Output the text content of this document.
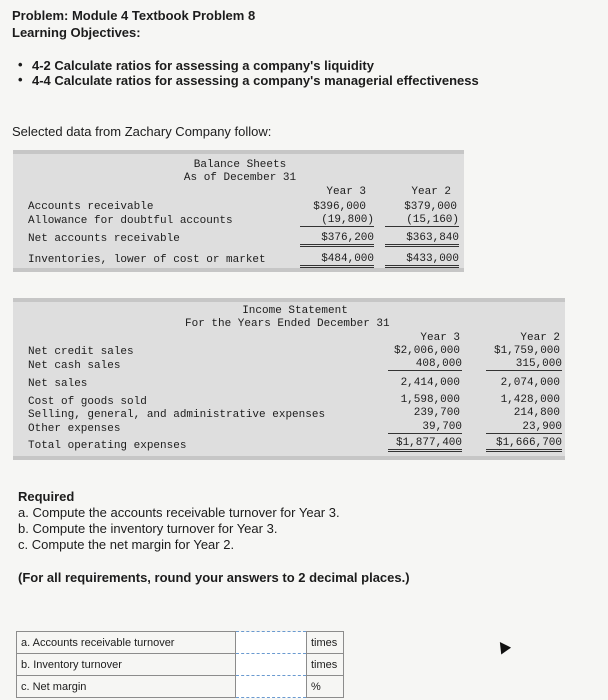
Problem: Module 4 Textbook Problem 8
Learning Objectives:
• 4-2 Calculate ratios for assessing a company's liquidity
• 4-4 Calculate ratios for assessing a company's managerial effectiveness
Selected data from Zachary Company follow:
Balance Sheets
As of December 31
Year 3	Year 2
Accounts receivable	$396,000	$379,000
Allowance for doubtful accounts	(19,800)	(15,160)
Net accounts receivable	$376,200	$363,840
Inventories, lower of cost or market	$484,000	$433,000
Income Statement
For the Years Ended December 31
Year 3	Year 2
Net credit sales	$2,006,000	$1,759,000
Net cash sales	408,000	315,000
Net sales	2,414,000	2,074,000
Cost of goods sold	1,598,000	1,428,000
Selling, general, and administrative expenses	239,700	214,800
Other expenses	39,700	23,900
Total operating expenses	$1,877,400	$1,666,700
Required
a. Compute the accounts receivable turnover for Year 3.
b. Compute the inventory turnover for Year 3.
c. Compute the net margin for Year 2.
(For all requirements, round your answers to 2 decimal places.)
a. Accounts receivable turnover		times
b. Inventory turnover		times
c. Net margin		%
